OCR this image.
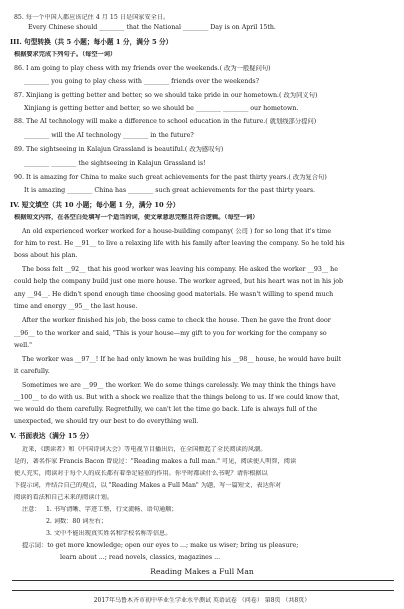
85. 每一个中国人都应该记住 4 月 15 日是国家安全日。
Every Chinese should ________ that the National ________ Day is on April 15th.
III. 句型转换（共 5 小题；每小题 1 分，满分 5 分）
根据要求完成下列句子。（每空一词）
86. I am going to play chess with my friends over the weekends.( 改为一般疑问句)
________ you going to play chess with ________ friends over the weekends?
87. Xinjiang is getting better and better, so we should take pride in our hometown.( 改为同义句)
Xinjiang is getting better and better, so we should be ________ ________ our hometown.
88. The AI technology will make a difference to school education in the future.( 就划线部分提问)
________ will the AI technology ________ in the future?
89. The sightseeing in Kalajun Grassland is beautiful.( 改为感叹句)
________ ________ the sightseeing in Kalajun Grassland is!
90. It is amazing for China to make such great achievements for the past thirty years.( 改为复合句)
It is amazing ________ China has ________ such great achievements for the past thirty years.
IV. 短文填空（共 10 小题；每小题 1 分，满分 10 分）
根据短文内容，在各空白处填写一个适当的词，使文章意思完整且符合逻辑。（每空一词）
An old experienced worker worked for a house-building company( 公司 ) for so long that it's time
for him to rest. He __91__ to live a relaxing life with his family after leaving the company. So he told his
boss about his plan.
The boss felt __92__ that his good worker was leaving his company. He asked the worker __93__ he
could help the company build just one more house. The worker agreed, but his heart was not in his job
any __94__. He didn't spend enough time choosing good materials. He wasn't willing to spend much
time and energy __95__ the last house.
After the worker finished his job, the boss came to check the house. Then he gave the front door
__96__ to the worker and said, "This is your house—my gift to you for working for the company so
well."
The worker was __97__! If he had only known he was building his __98__ house, he would have built
it carefully.
Sometimes we are __99__ the worker. We do some things carelessly. We may think the things have
__100__ to do with us. But with a shock we realize that the things belong to us. If we could know that,
we would do them carefully. Regretfully, we can't let the time go back. Life is always full of the
unexpected, we should try our best to do everything well.
V. 书面表达（满分 15 分）
近来，《朗读者》和《中国诗词大会》等电视节目播出后，在全国掀起了全民阅读的风潮。
是的，著名作家 Francis Bacon 曾说过："Reading makes a full man." 可见，阅读使人明智，阅读
使人充实，阅读对于每个人的成长都有着举足轻重的作用。你平时都读什么书呢？请你根据以
下提示词，并结合自己的观点，以 "Reading Makes a Full Man" 为题，写一篇短文，表达你对
阅读的看法和自己未来的阅读计划。
注意： 1. 书写清晰、字迹工整，行文流畅、语句通顺；
2. 词数：80 词左右；
3. 文中不能出现真实姓名和学校名称等信息。
提示词：to get more knowledge; open our eyes to ...; make us wiser; bring us pleasure;
learn about ...; read novels, classics, magazines ...
Reading Makes a Full Man
2017年乌鲁木齐市初中毕业生学业水平测试 英语试卷 （问卷） 第8页 （共8页）
